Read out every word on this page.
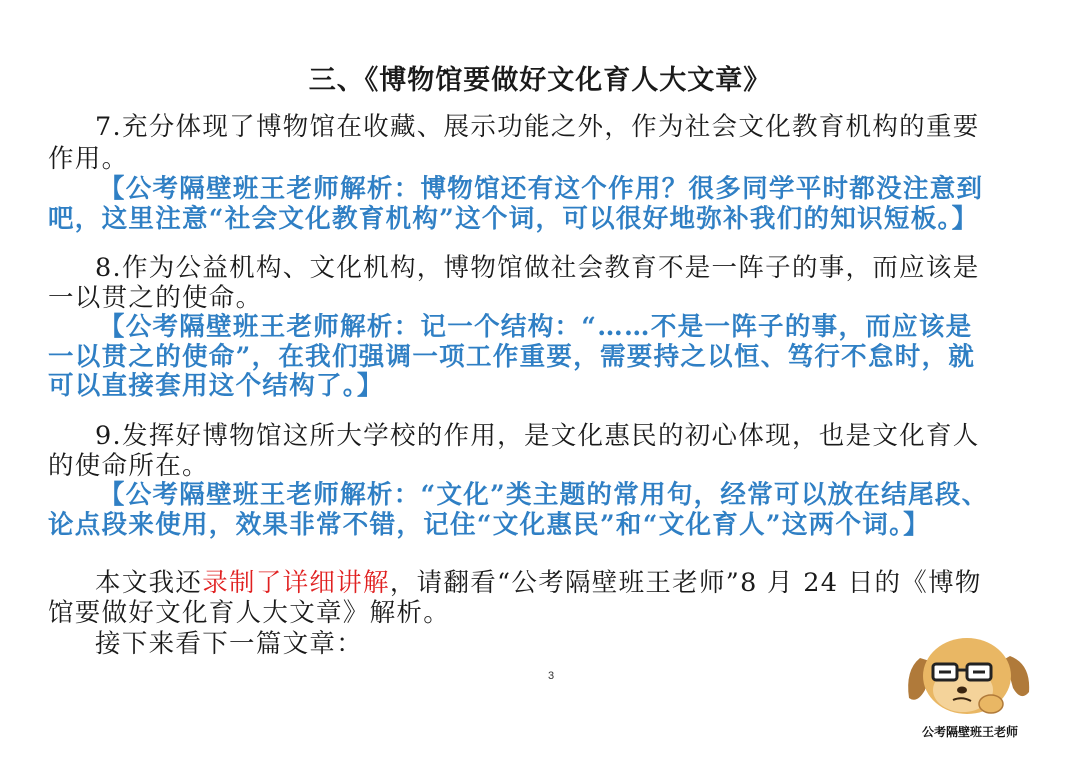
三、《博物馆要做好文化育人大文章》
7.充分体现了博物馆在收藏、展示功能之外，作为社会文化教育机构的重要
作用。
【公考隔壁班王老师解析：博物馆还有这个作用？很多同学平时都没注意到
吧，这里注意“社会文化教育机构”这个词，可以很好地弥补我们的知识短板。】
8.作为公益机构、文化机构，博物馆做社会教育不是一阵子的事，而应该是
一以贯之的使命。
【公考隔壁班王老师解析：记一个结构：“……不是一阵子的事，而应该是
一以贯之的使命”，在我们强调一项工作重要，需要持之以恒、笃行不怠时，就
可以直接套用这个结构了。】
9.发挥好博物馆这所大学校的作用，是文化惠民的初心体现，也是文化育人
的使命所在。
【公考隔壁班王老师解析：“文化”类主题的常用句，经常可以放在结尾段、
论点段来使用，效果非常不错，记住“文化惠民”和“文化育人”这两个词。】
本文我还录制了详细讲解，请翻看“公考隔壁班王老师”8 月 24 日的《博物
馆要做好文化育人大文章》解析。
接下来看下一篇文章：
3
公考隔壁班王老师
